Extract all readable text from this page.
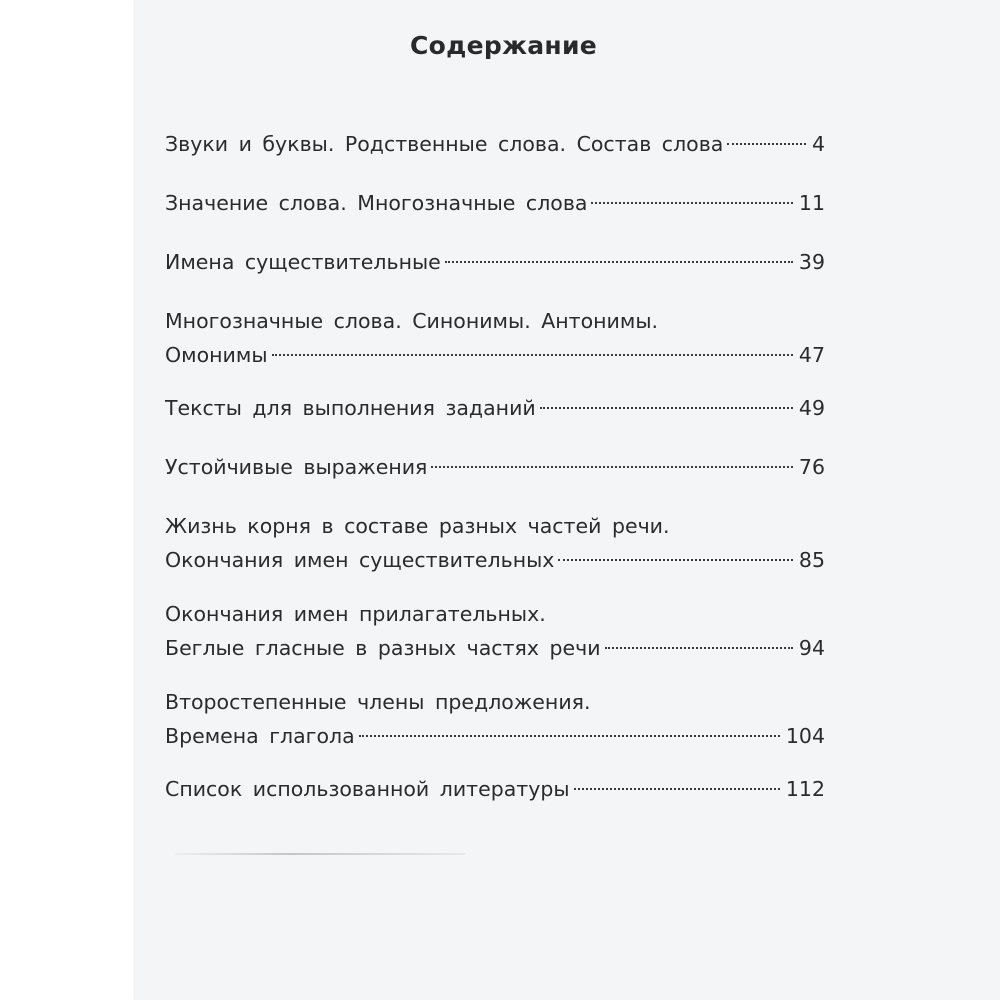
Содержание
Звуки и буквы. Родственные слова. Состав слова	4
Значение слова. Многозначные слова	11
Имена существительные	39
Многозначные слова. Синонимы. Антонимы.
Омонимы	47
Тексты для выполнения заданий	49
Устойчивые выражения	76
Жизнь корня в составе разных частей речи.
Окончания имен существительных	85
Окончания имен прилагательных.
Беглые гласные в разных частях речи	94
Второстепенные члены предложения.
Времена глагола	104
Список использованной литературы	112
